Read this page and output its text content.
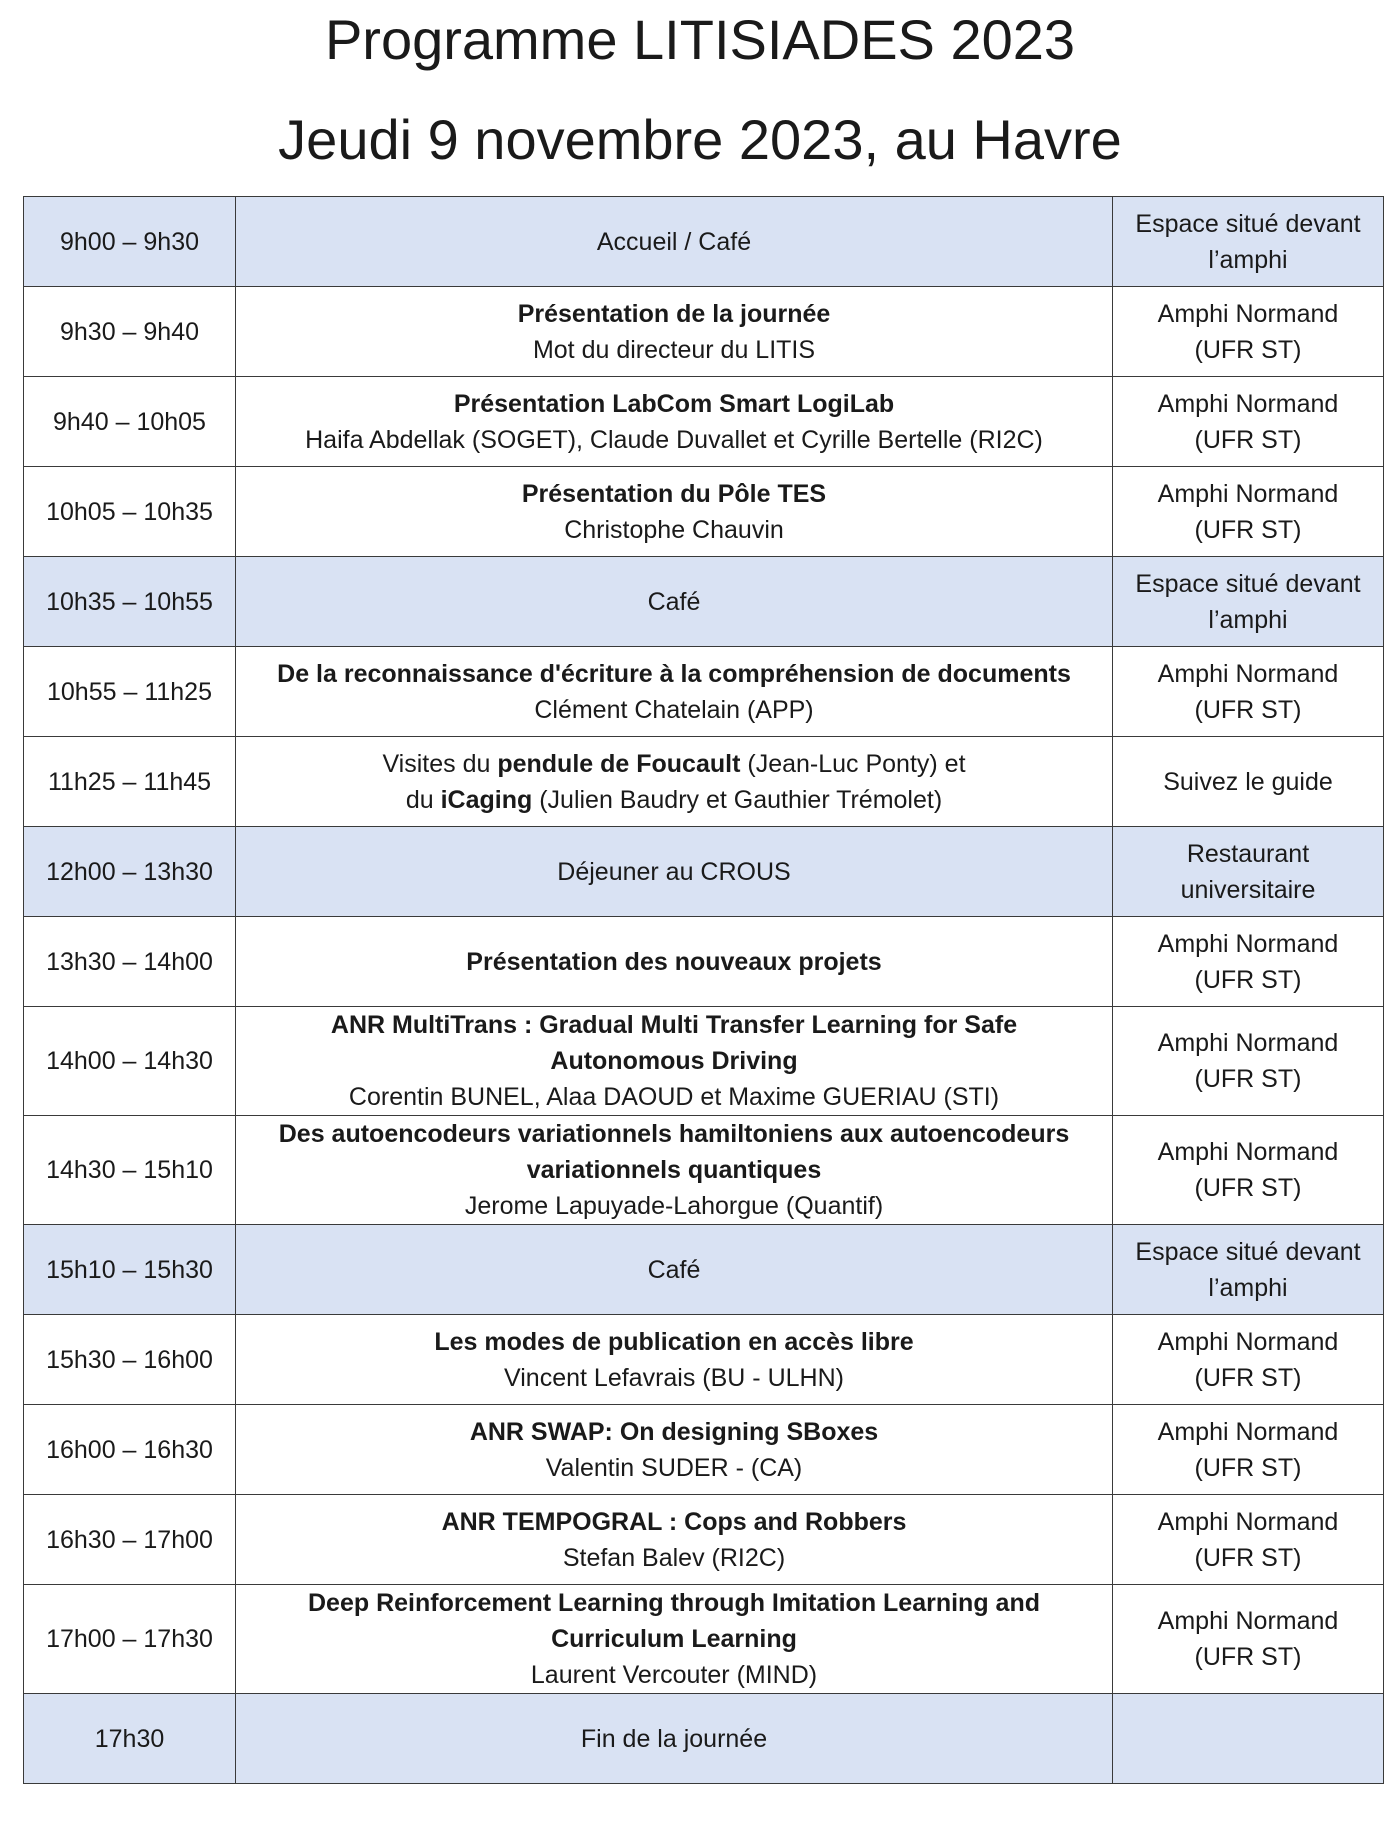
Programme LITISIADES 2023
Jeudi 9 novembre 2023, au Havre
9h00 – 9h30	Accueil / Café	Espace situé devant
l’amphi

9h30 – 9h40	Présentation de la journée
Mot du directeur du LITIS	Amphi Normand
(UFR ST)

9h40 – 10h05	Présentation LabCom Smart LogiLab
Haifa Abdellak (SOGET), Claude Duvallet et Cyrille Bertelle (RI2C)	Amphi Normand
(UFR ST)

10h05 – 10h35	Présentation du Pôle TES
Christophe Chauvin	Amphi Normand
(UFR ST)

10h35 – 10h55	Café	Espace situé devant
l’amphi

10h55 – 11h25	De la reconnaissance d'écriture à la compréhension de documents
Clément Chatelain (APP)	Amphi Normand
(UFR ST)

11h25 – 11h45	Visites du pendule de Foucault (Jean-Luc Ponty) et
du iCaging (Julien Baudry et Gauthier Trémolet)	Suivez le guide

12h00 – 13h30	Déjeuner au CROUS	Restaurant
universitaire

13h30 – 14h00	Présentation des nouveaux projets	Amphi Normand
(UFR ST)

14h00 – 14h30	ANR MultiTrans : Gradual Multi Transfer Learning for Safe
Autonomous Driving
Corentin BUNEL, Alaa DAOUD et Maxime GUERIAU (STI)	Amphi Normand
(UFR ST)

14h30 – 15h10	Des autoencodeurs variationnels hamiltoniens aux autoencodeurs
variationnels quantiques
Jerome Lapuyade-Lahorgue (Quantif)	Amphi Normand
(UFR ST)

15h10 – 15h30	Café	Espace situé devant
l’amphi

15h30 – 16h00	Les modes de publication en accès libre
Vincent Lefavrais (BU - ULHN)	Amphi Normand
(UFR ST)

16h00 – 16h30	ANR SWAP: On designing SBoxes
Valentin SUDER - (CA)	Amphi Normand
(UFR ST)

16h30 – 17h00	ANR TEMPOGRAL : Cops and Robbers
Stefan Balev (RI2C)	Amphi Normand
(UFR ST)

17h00 – 17h30	Deep Reinforcement Learning through Imitation Learning and
Curriculum Learning
Laurent Vercouter (MIND)	Amphi Normand
(UFR ST)

17h30	Fin de la journée	
